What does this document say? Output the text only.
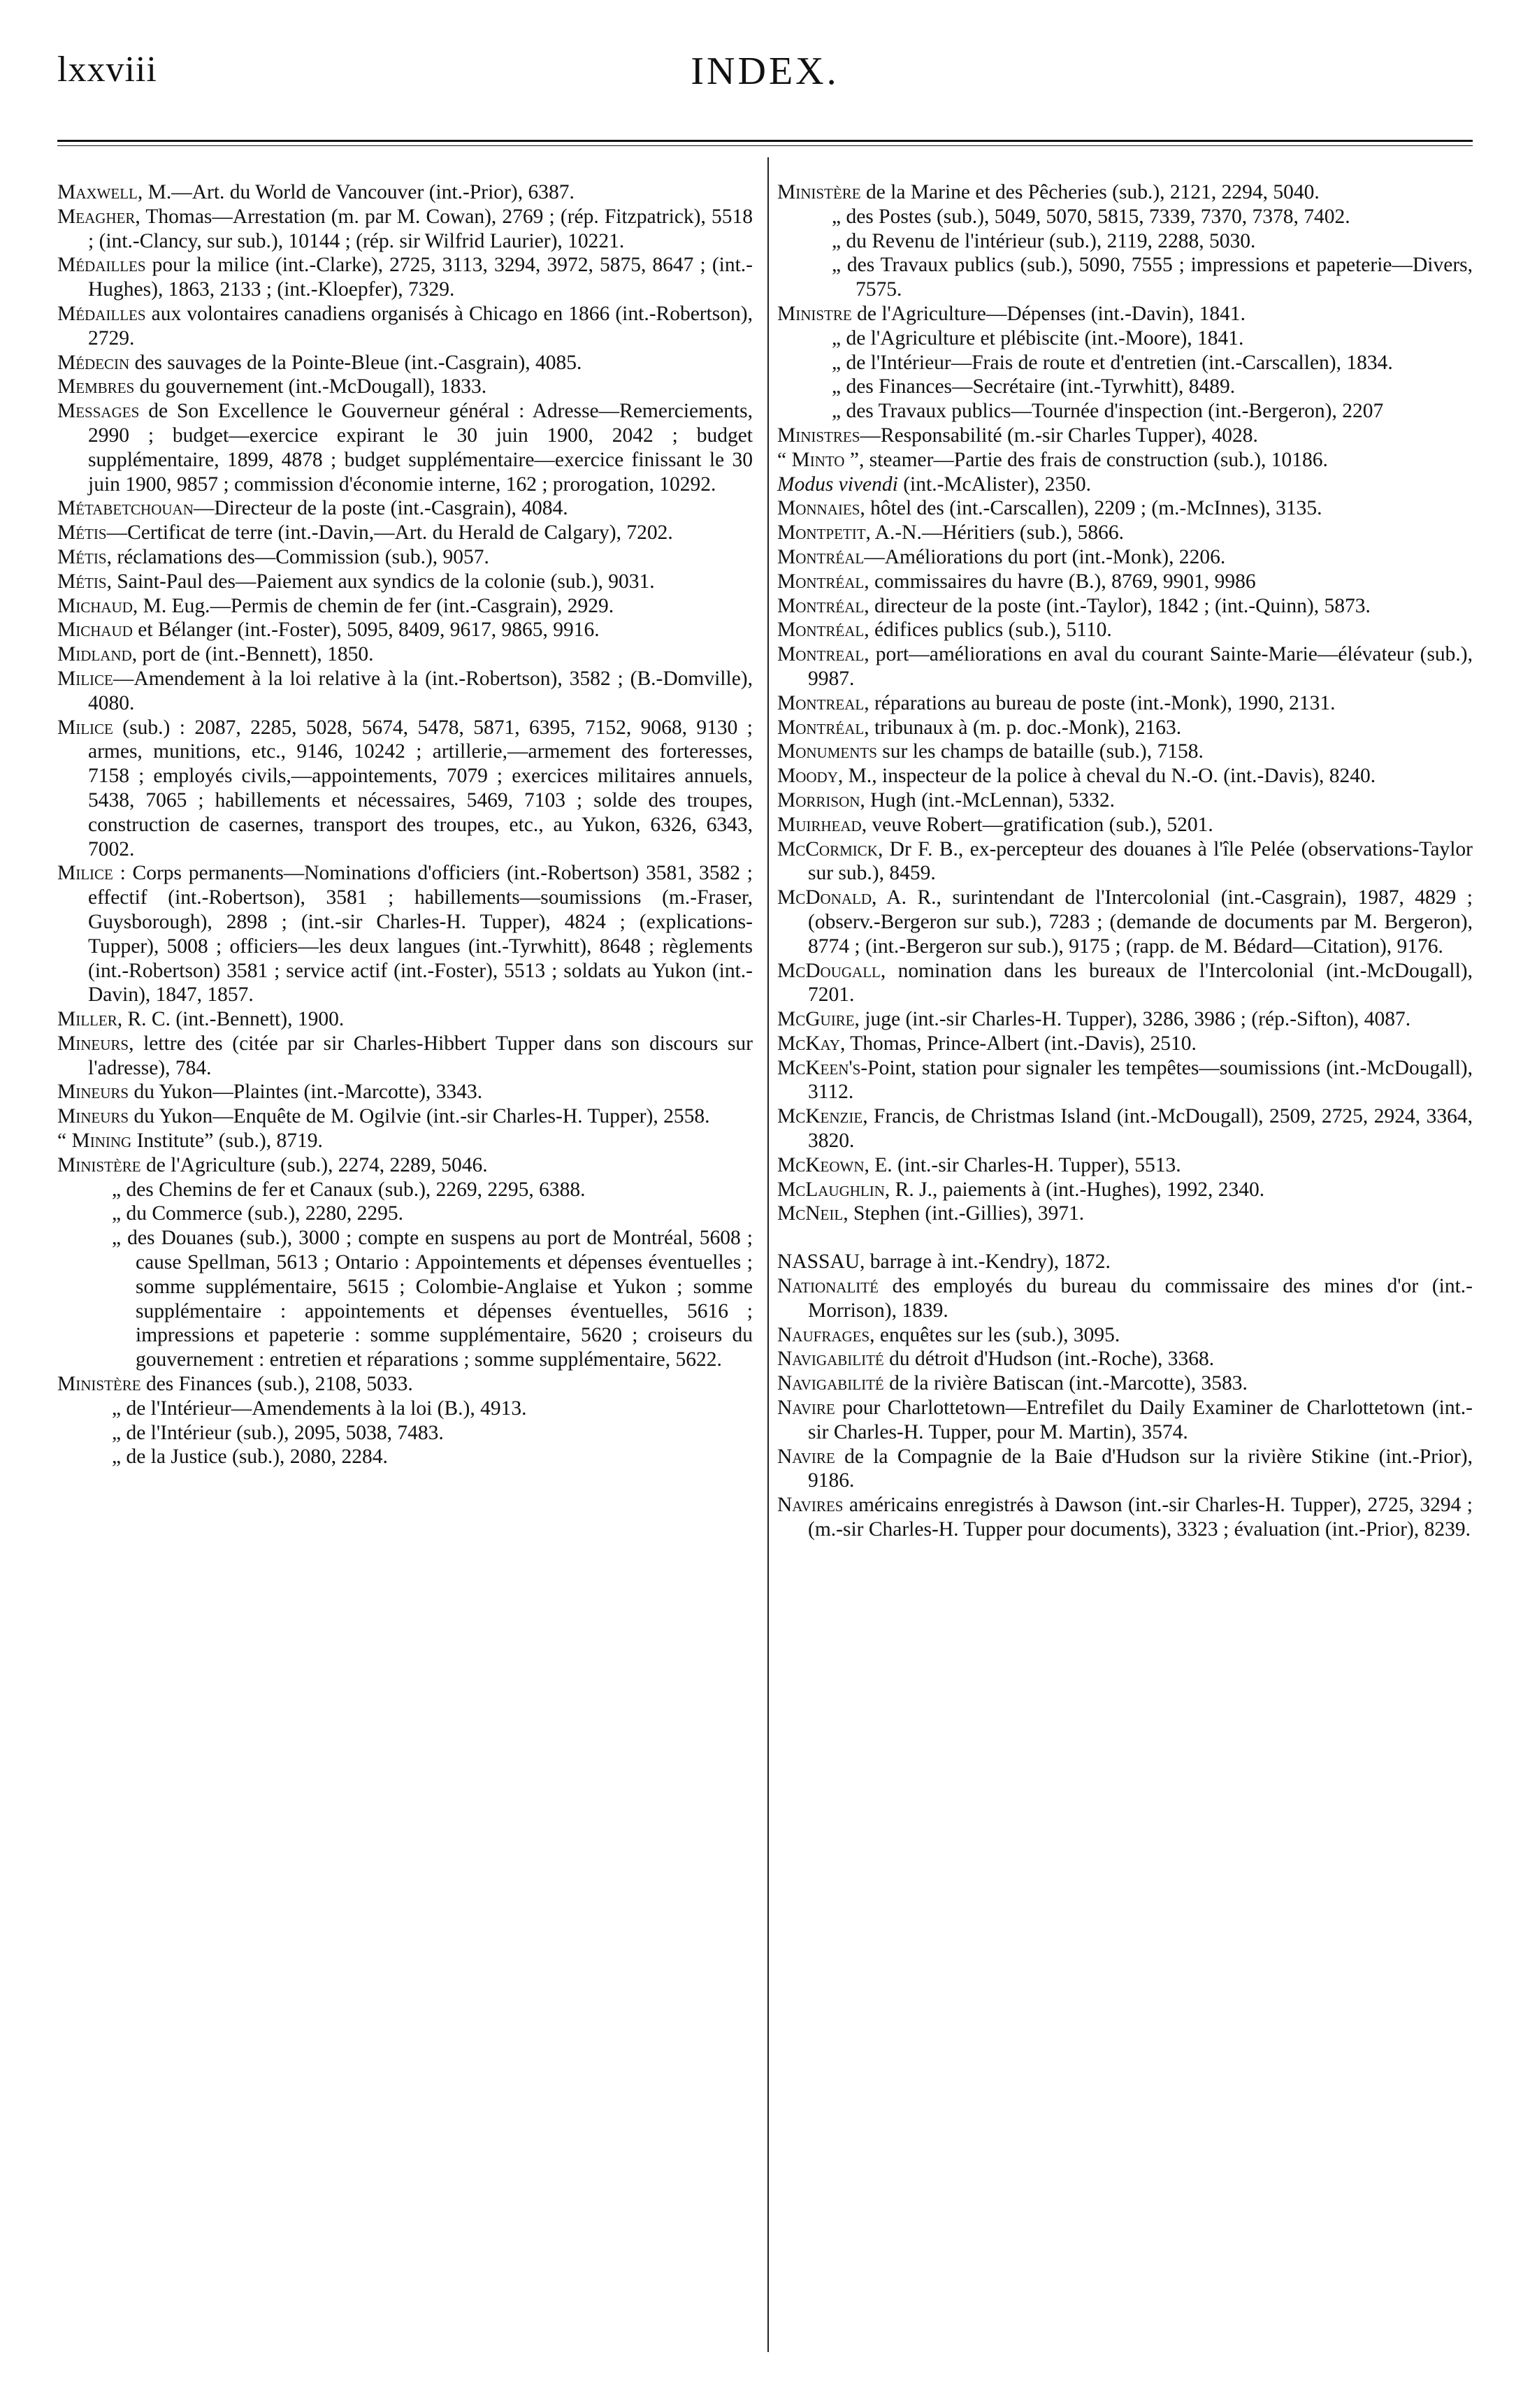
lxxviii	INDEX.

Maxwell, M.—Art. du World de Vancouver (int.-Prior), 6387.

Meagher, Thomas—Arrestation (m. par M. Cowan), 2769 ; (rép. Fitzpatrick), 5518 ; (int.-Clancy, sur sub.), 10144 ; (rép. sir Wilfrid Laurier), 10221.

Médailles pour la milice (int.-Clarke), 2725, 3113, 3294, 3972, 5875, 8647 ; (int.-Hughes), 1863, 2133 ; (int.-Kloepfer), 7329.

Médailles aux volontaires canadiens organisés à Chicago en 1866 (int.-Robertson), 2729.

Médecin des sauvages de la Pointe-Bleue (int.-Casgrain), 4085.

Membres du gouvernement (int.-McDougall), 1833.

Messages de Son Excellence le Gouverneur général : Adresse—Remerciements, 2990 ; budget—exercice expirant le 30 juin 1900, 2042 ; budget supplémentaire, 1899, 4878 ; budget supplémentaire—exercice finissant le 30 juin 1900, 9857 ; commission d'économie interne, 162 ; prorogation, 10292.

Métabetchouan—Directeur de la poste (int.-Casgrain), 4084.

Métis—Certificat de terre (int.-Davin,—Art. du Herald de Calgary), 7202.

Métis, réclamations des—Commission (sub.), 9057.

Métis, Saint-Paul des—Paiement aux syndics de la colonie (sub.), 9031.

Michaud, M. Eug.—Permis de chemin de fer (int.-Casgrain), 2929.

Michaud et Bélanger (int.-Foster), 5095, 8409, 9617, 9865, 9916.

Midland, port de (int.-Bennett), 1850.

Milice—Amendement à la loi relative à la (int.-Robertson), 3582 ; (B.-Domville), 4080.

Milice (sub.) : 2087, 2285, 5028, 5674, 5478, 5871, 6395, 7152, 9068, 9130 ; armes, munitions, etc., 9146, 10242 ; artillerie,—armement des forteresses, 7158 ; employés civils,—appointements, 7079 ; exercices militaires annuels, 5438, 7065 ; habillements et nécessaires, 5469, 7103 ; solde des troupes, construction de casernes, transport des troupes, etc., au Yukon, 6326, 6343, 7002.

Milice : Corps permanents—Nominations d'officiers (int.-Robertson) 3581, 3582 ; effectif (int.-Robertson), 3581 ; habillements—soumissions (m.-Fraser, Guysborough), 2898 ; (int.-sir Charles-H. Tupper), 4824 ; (explications-Tupper), 5008 ; officiers—les deux langues (int.-Tyrwhitt), 8648 ; règlements (int.-Robertson) 3581 ; service actif (int.-Foster), 5513 ; soldats au Yukon (int.-Davin), 1847, 1857.

Miller, R. C. (int.-Bennett), 1900.

Mineurs, lettre des (citée par sir Charles-Hibbert Tupper dans son discours sur l'adresse), 784.

Mineurs du Yukon—Plaintes (int.-Marcotte), 3343.

Mineurs du Yukon—Enquête de M. Ogilvie (int.-sir Charles-H. Tupper), 2558.

“ Mining Institute” (sub.), 8719.

Ministère de l'Agriculture (sub.), 2274, 2289, 5046.

„ des Chemins de fer et Canaux (sub.), 2269, 2295, 6388.

„ du Commerce (sub.), 2280, 2295.

„ des Douanes (sub.), 3000 ; compte en suspens au port de Montréal, 5608 ; cause Spellman, 5613 ; Ontario : Appointements et dépenses éventuelles ; somme supplémentaire, 5615 ; Colombie-Anglaise et Yukon ; somme supplémentaire : appointements et dépenses éventuelles, 5616 ; impressions et papeterie : somme supplémentaire, 5620 ; croiseurs du gouvernement : entretien et réparations ; somme supplémentaire, 5622.

Ministère des Finances (sub.), 2108, 5033.

„ de l'Intérieur—Amendements à la loi (B.), 4913.

„ de l'Intérieur (sub.), 2095, 5038, 7483.

„ de la Justice (sub.), 2080, 2284.

Ministère de la Marine et des Pêcheries (sub.), 2121, 2294, 5040.

„ des Postes (sub.), 5049, 5070, 5815, 7339, 7370, 7378, 7402.

„ du Revenu de l'intérieur (sub.), 2119, 2288, 5030.

„ des Travaux publics (sub.), 5090, 7555 ; impressions et papeterie—Divers, 7575.

Ministre de l'Agriculture—Dépenses (int.-Davin), 1841.

„ de l'Agriculture et plébiscite (int.-Moore), 1841.

„ de l'Intérieur—Frais de route et d'entretien (int.-Carscallen), 1834.

„ des Finances—Secrétaire (int.-Tyrwhitt), 8489.

„ des Travaux publics—Tournée d'inspection (int.-Bergeron), 2207

Ministres—Responsabilité (m.-sir Charles Tupper), 4028.

“ Minto ”, steamer—Partie des frais de construction (sub.), 10186.

Modus vivendi (int.-McAlister), 2350.

Monnaies, hôtel des (int.-Carscallen), 2209 ; (m.-McInnes), 3135.

Montpetit, A.-N.—Héritiers (sub.), 5866.

Montréal—Améliorations du port (int.-Monk), 2206.

Montréal, commissaires du havre (B.), 8769, 9901, 9986

Montréal, directeur de la poste (int.-Taylor), 1842 ; (int.-Quinn), 5873.

Montréal, édifices publics (sub.), 5110.

Montreal, port—améliorations en aval du courant Sainte-Marie—élévateur (sub.), 9987.

Montreal, réparations au bureau de poste (int.-Monk), 1990, 2131.

Montréal, tribunaux à (m. p. doc.-Monk), 2163.

Monuments sur les champs de bataille (sub.), 7158.

Moody, M., inspecteur de la police à cheval du N.-O. (int.-Davis), 8240.

Morrison, Hugh (int.-McLennan), 5332.

Muirhead, veuve Robert—gratification (sub.), 5201.

McCormick, Dr F. B., ex-percepteur des douanes à l'île Pelée (observations-Taylor sur sub.), 8459.

McDonald, A. R., surintendant de l'Intercolonial (int.-Casgrain), 1987, 4829 ; (observ.-Bergeron sur sub.), 7283 ; (demande de documents par M. Bergeron), 8774 ; (int.-Bergeron sur sub.), 9175 ; (rapp. de M. Bédard—Citation), 9176.

McDougall, nomination dans les bureaux de l'Intercolonial (int.-McDougall), 7201.

McGuire, juge (int.-sir Charles-H. Tupper), 3286, 3986 ; (rép.-Sifton), 4087.

McKay, Thomas, Prince-Albert (int.-Davis), 2510.

McKeen's-Point, station pour signaler les tempêtes—soumissions (int.-McDougall), 3112.

McKenzie, Francis, de Christmas Island (int.-McDougall), 2509, 2725, 2924, 3364, 3820.

McKeown, E. (int.-sir Charles-H. Tupper), 5513.

McLaughlin, R. J., paiements à (int.-Hughes), 1992, 2340.

McNeil, Stephen (int.-Gillies), 3971.

NASSAU, barrage à int.-Kendry), 1872.

Nationalité des employés du bureau du commissaire des mines d'or (int.-Morrison), 1839.

Naufrages, enquêtes sur les (sub.), 3095.

Navigabilité du détroit d'Hudson (int.-Roche), 3368.

Navigabilité de la rivière Batiscan (int.-Marcotte), 3583.

Navire pour Charlottetown—Entrefilet du Daily Examiner de Charlottetown (int.-sir Charles-H. Tupper, pour M. Martin), 3574.

Navire de la Compagnie de la Baie d'Hudson sur la rivière Stikine (int.-Prior), 9186.

Navires américains enregistrés à Dawson (int.-sir Charles-H. Tupper), 2725, 3294 ; (m.-sir Charles-H. Tupper pour documents), 3323 ; évaluation (int.-Prior), 8239.
